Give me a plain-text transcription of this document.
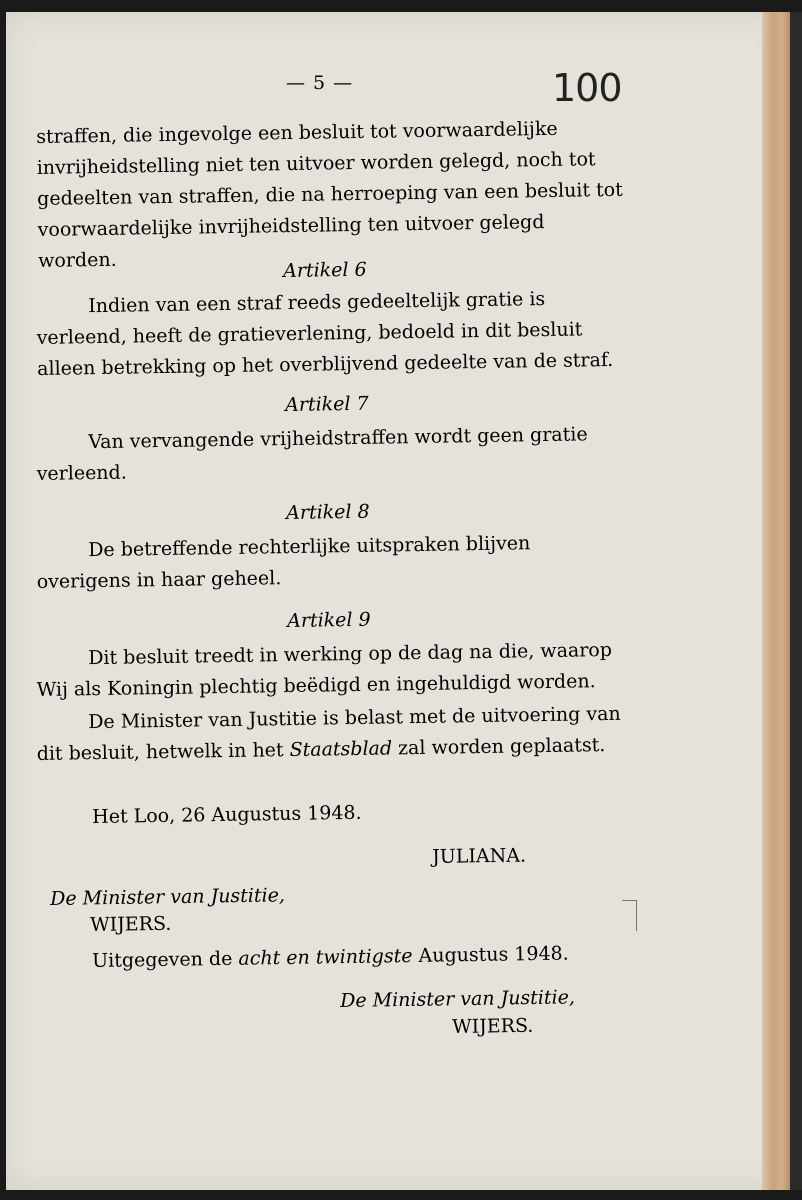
— 5 —	100
straffen, die ingevolge een besluit tot voorwaardelijke invrijheidstelling niet ten uitvoer worden gelegd, noch tot gedeelten van straffen, die na herroeping van een besluit tot voorwaardelijke invrijheidstelling ten uitvoer gelegd worden.	Artikel 6
Indien van een straf reeds gedeeltelijk gratie is verleend, heeft de gratieverlening, bedoeld in dit besluit alleen betrekking op het overblijvend gedeelte van de straf.
Artikel 7
Van vervangende vrijheidstraffen wordt geen gratie verleend.
Artikel 8
De betreffende rechterlijke uitspraken blijven overigens in haar geheel.
Artikel 9
Dit besluit treedt in werking op de dag na die, waarop Wij als Koningin plechtig beëdigd en ingehuldigd worden.
De Minister van Justitie is belast met de uitvoering van dit besluit, hetwelk in het Staatsblad zal worden geplaatst.
Het Loo, 26 Augustus 1948.
JULIANA.
De Minister van Justitie,
WIJERS.
Uitgegeven de acht en twintigste Augustus 1948.
De Minister van Justitie,
WIJERS.
